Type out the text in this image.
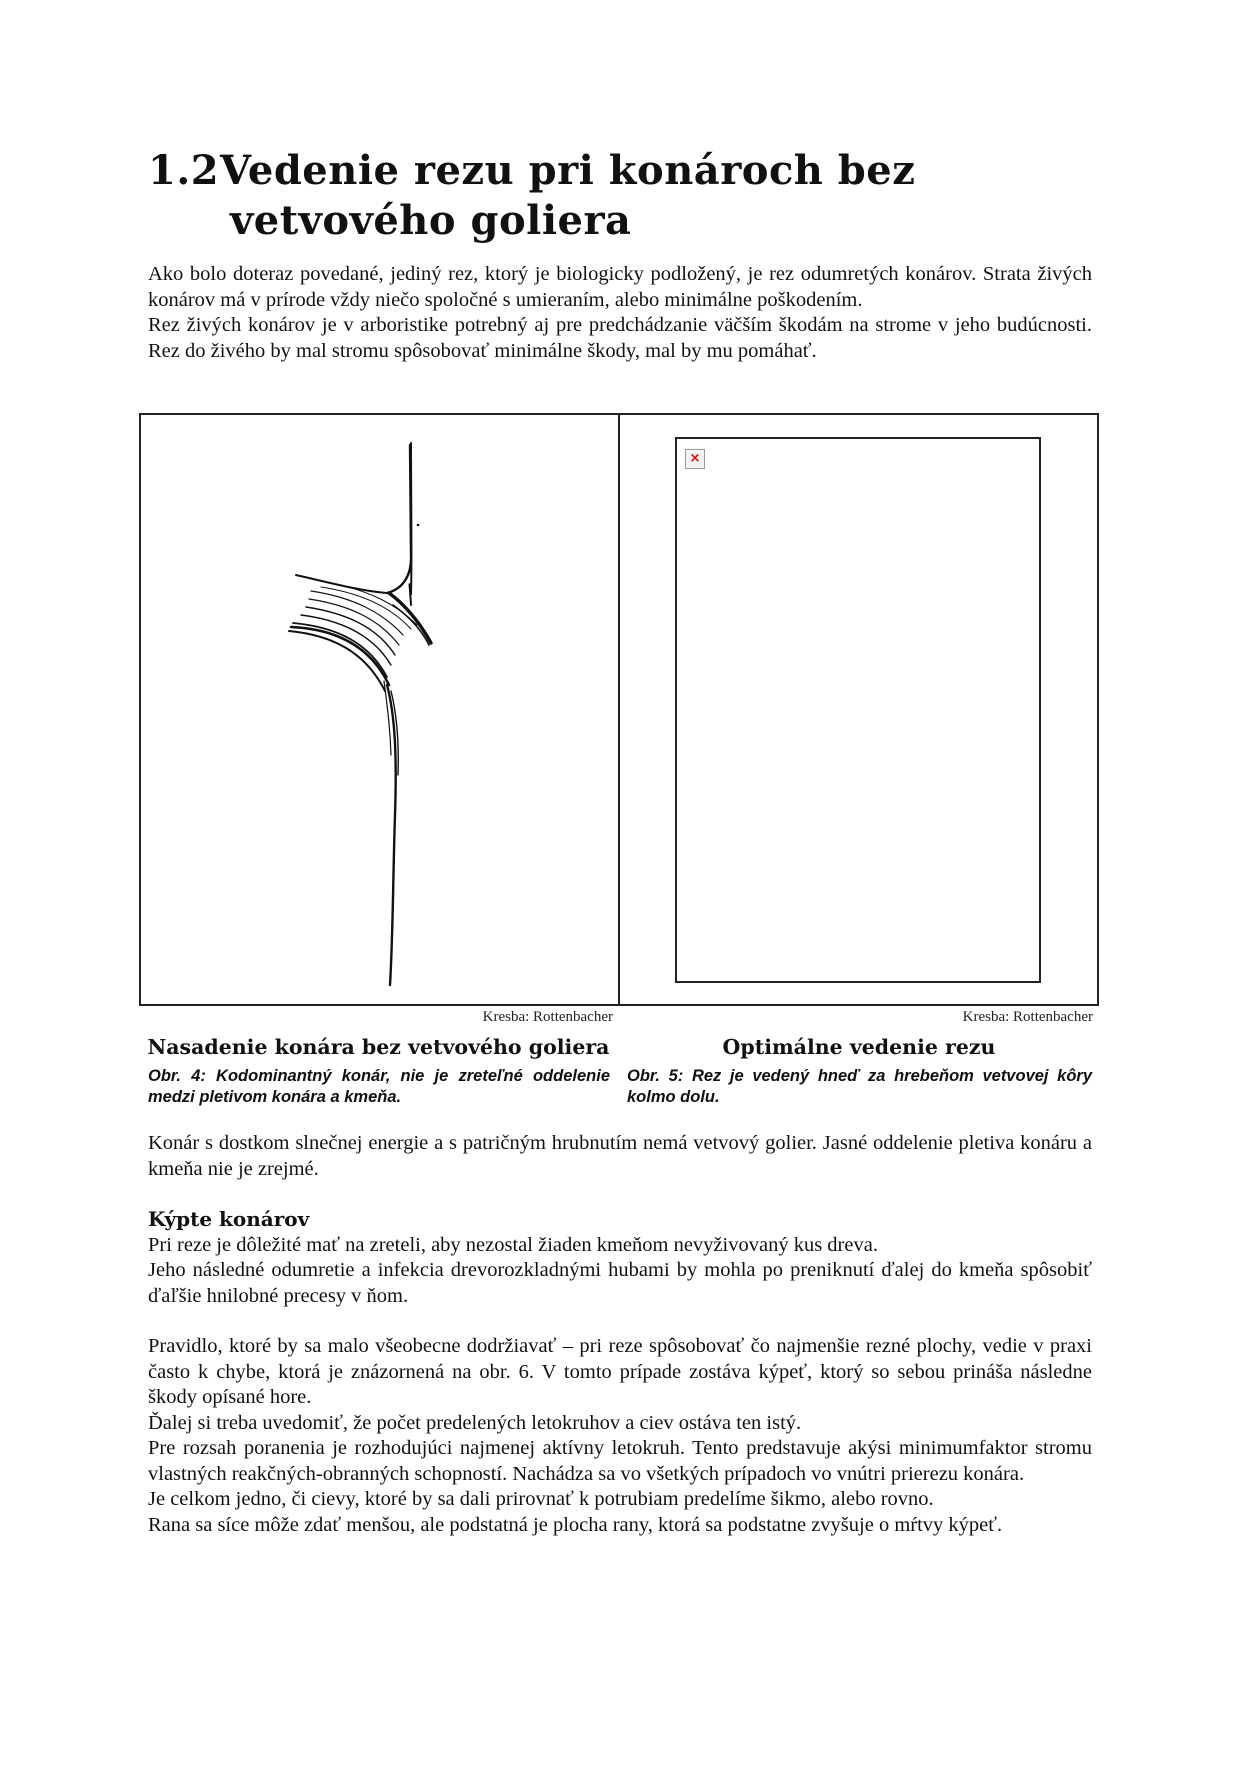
1.2Vedenie rezu pri konároch bez
vetvového goliera

Ako bolo doteraz povedané, jediný rez, ktorý je biologicky podložený, je rez odumretých konárov. Strata živých konárov má v prírode vždy niečo spoločné s umieraním, alebo minimálne poškodením.

Rez živých konárov je v arboristike potrebný aj pre predchádzanie väčším škodám na strome v jeho budúcnosti. Rez do živého by mal stromu spôsobovať minimálne škody, mal by mu pomáhať.

×
Kresba: Rottenbacher	Kresba: Rottenbacher
Nasadenie konára bez vetvového goliera	Optimálne vedenie rezu
Obr. 4: Kodominantný konár, nie je zreteľné oddelenie medzi pletivom konára a kmeňa.
Obr. 5: Rez je vedený hneď za hrebeňom vetvovej kôry kolmo dolu.

Konár s dostkom slnečnej energie a s patričným hrubnutím nemá vetvový golier. Jasné oddelenie pletiva konáru a kmeňa nie je zrejmé.

Kýpte konárov

Pri reze je dôležité mať na zreteli, aby nezostal žiaden kmeňom nevyživovaný kus dreva.

Jeho následné odumretie a infekcia drevorozkladnými hubami by mohla po preniknutí ďalej do kmeňa spôsobiť ďaľšie hnilobné precesy v ňom.

Pravidlo, ktoré by sa malo všeobecne dodržiavať – pri reze spôsobovať čo najmenšie rezné plochy, vedie v praxi často k chybe, ktorá je znázornená na obr. 6. V tomto prípade zostáva kýpeť, ktorý so sebou prináša následne škody opísané hore.

Ďalej si treba uvedomiť, že počet predelených letokruhov a ciev ostáva ten istý.

Pre rozsah poranenia je rozhodujúci najmenej aktívny letokruh. Tento predstavuje akýsi minimumfaktor stromu vlastných reakčných-obranných schopností. Nachádza sa vo všetkých prípadoch vo vnútri prierezu konára.

Je celkom jedno, či cievy, ktoré by sa dali prirovnať k potrubiam predelíme šikmo, alebo rovno.

Rana sa síce môže zdať menšou, ale podstatná je plocha rany, ktorá sa podstatne zvyšuje o mŕtvy kýpeť.
